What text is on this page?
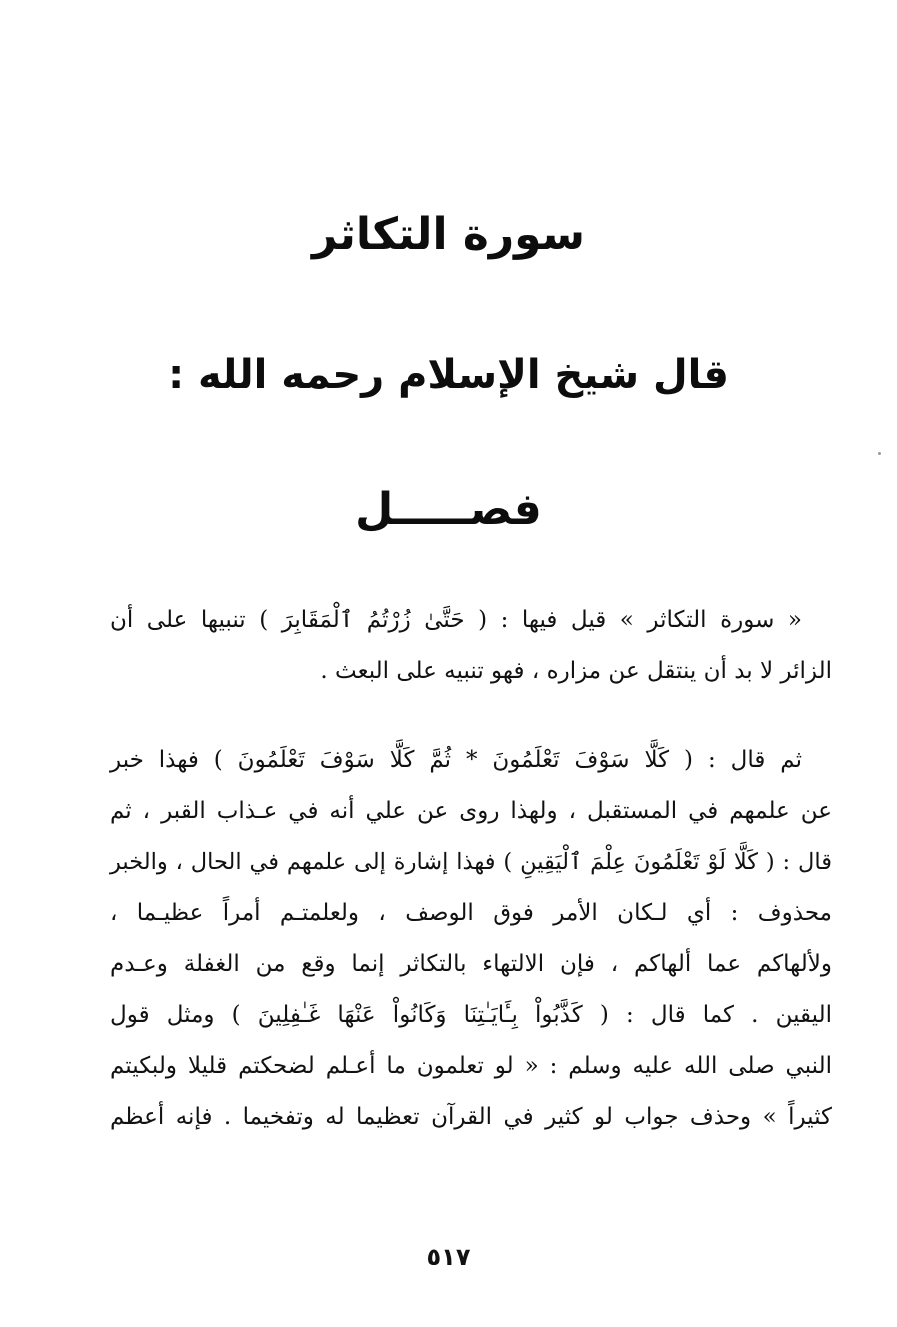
سورة التكاثر
قال شيخ الإسلام رحمه الله :
فصـــــل
« سورة التكاثر » قيل فيها : ( حَتَّىٰ زُرْتُمُ ٱلْمَقَابِرَ ) تنبيها على أن
الزائر لا بد أن ينتقل عن مزاره ، فهو تنبيه على البعث .
ثم قال : ( كَلَّا سَوْفَ تَعْلَمُونَ * ثُمَّ كَلَّا سَوْفَ تَعْلَمُونَ ) فهذا خبر
عن علمهم في المستقبل ، ولهذا روى عن علي أنه في عـذاب القبر ، ثم
قال : ( كَلَّا لَوْ تَعْلَمُونَ عِلْمَ ٱلْيَقِينِ ) فهذا إشارة إلى علمهم في الحال ، والخبر
محذوف : أي لـكان الأمر فوق الوصف ، ولعلمتـم أمراً عظيـما ،
ولألهاكم عما ألهاكم ، فإن الالتهاء بالتكاثر إنما وقع من الغفلة وعـدم
اليقين . كما قال : ( كَذَّبُواْ بِـَٔايَـٰتِنَا وَكَانُواْ عَنْهَا غَـٰفِلِينَ ) ومثل قول
النبي صلى الله عليه وسلم : « لو تعلمون ما أعـلم لضحكتم قليلا ولبكيتم
كثيراً » وحذف جواب لو كثير في القرآن تعظيما له وتفخيما . فإنه أعظم
٥١٧
